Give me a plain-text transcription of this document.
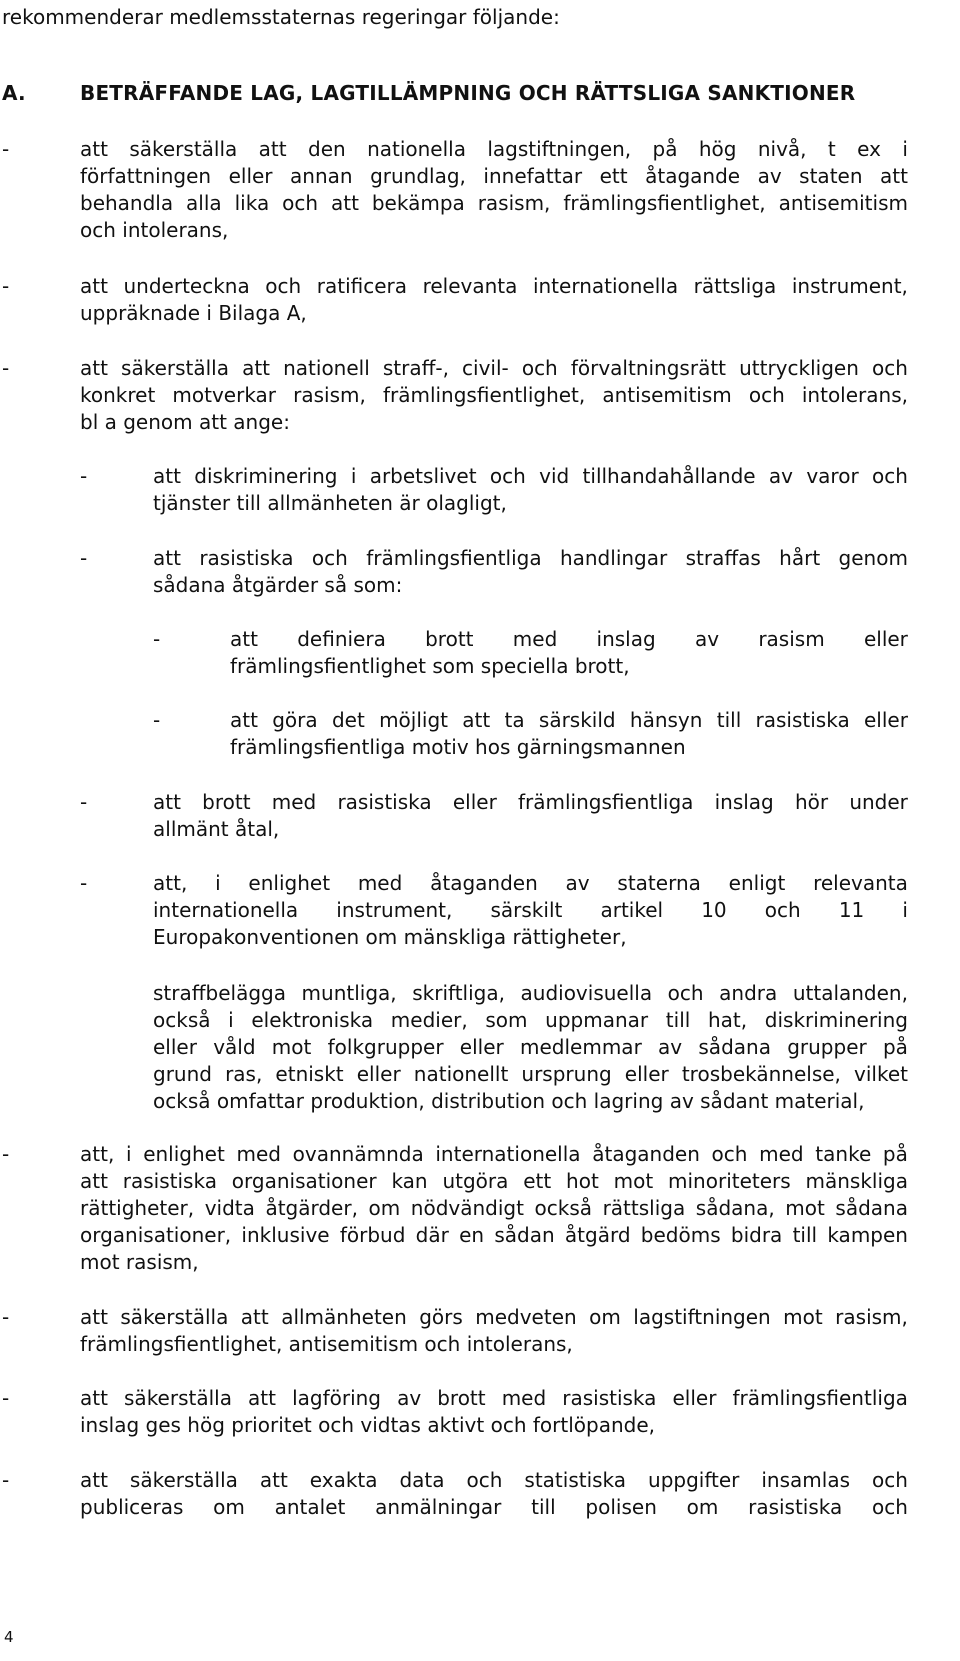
rekommenderar medlemsstaternas regeringar följande:
A.	BETRÄFFANDE LAG, LAGTILLÄMPNING OCH RÄTTSLIGA SANKTIONER
-	att säkerställa att den nationella lagstiftningen, på hög nivå, t ex i
författningen eller annan grundlag, innefattar ett åtagande av staten att
behandla alla lika och att bekämpa rasism, främlingsfientlighet, antisemitism
och intolerans,
-	att underteckna och ratificera relevanta internationella rättsliga instrument,
uppräknade i Bilaga A,
-	att säkerställa att nationell straff-, civil- och förvaltningsrätt uttryckligen och
konkret motverkar rasism, främlingsfientlighet, antisemitism och intolerans,
bl a genom att ange:
-	att diskriminering i arbetslivet och vid tillhandahållande av varor och
tjänster till allmänheten är olagligt,
-	att rasistiska och främlingsfientliga handlingar straffas hårt genom
sådana åtgärder så som:
-	att definiera brott med inslag av rasism eller
främlingsfientlighet som speciella brott,
-	att göra det möjligt att ta särskild hänsyn till rasistiska eller
främlingsfientliga motiv hos gärningsmannen
-	att brott med rasistiska eller främlingsfientliga inslag hör under
allmänt åtal,
-	att, i enlighet med åtaganden av staterna enligt relevanta
internationella instrument, särskilt artikel 10 och 11 i
Europakonventionen om mänskliga rättigheter,
straffbelägga muntliga, skriftliga, audiovisuella och andra uttalanden,
också i elektroniska medier, som uppmanar till hat, diskriminering
eller våld mot folkgrupper eller medlemmar av sådana grupper på
grund ras, etniskt eller nationellt ursprung eller trosbekännelse, vilket
också omfattar produktion, distribution och lagring av sådant material,
-	att, i enlighet med ovannämnda internationella åtaganden och med tanke på
att rasistiska organisationer kan utgöra ett hot mot minoriteters mänskliga
rättigheter, vidta åtgärder, om nödvändigt också rättsliga sådana, mot sådana
organisationer, inklusive förbud där en sådan åtgärd bedöms bidra till kampen
mot rasism,
-	att säkerställa att allmänheten görs medveten om lagstiftningen mot rasism,
främlingsfientlighet, antisemitism och intolerans,
-	att säkerställa att lagföring av brott med rasistiska eller främlingsfientliga
inslag ges hög prioritet och vidtas aktivt och fortlöpande,
-	att säkerställa att exakta data och statistiska uppgifter insamlas och
publiceras om antalet anmälningar till polisen om rasistiska och
4
